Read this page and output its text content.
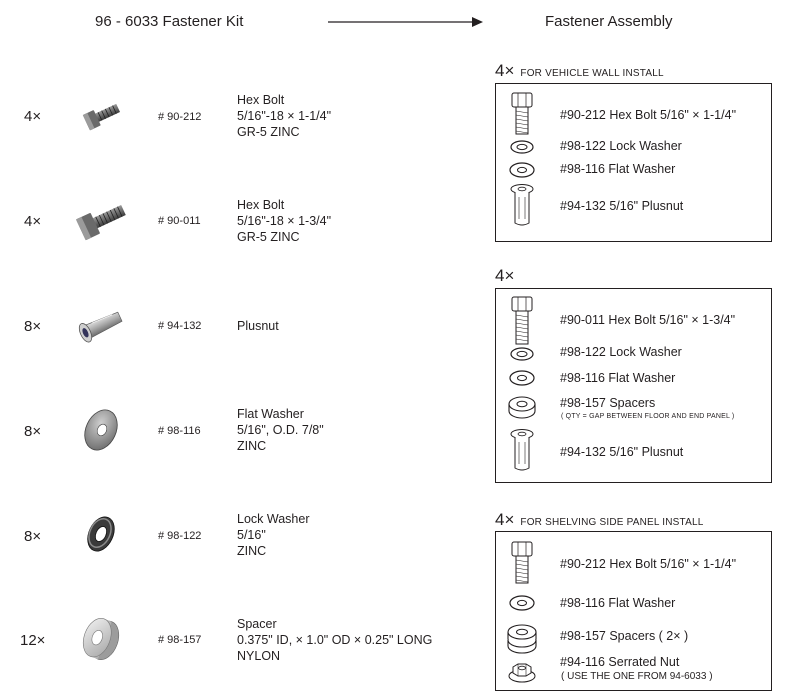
96 - 6033 Fastener Kit	Fastener Assembly
4×	# 90-212
Hex Bolt
5/16"-18 × 1-1/4"
GR-5 ZINC
4×	# 90-011
Hex Bolt
5/16"-18 × 1-3/4"
GR-5 ZINC
8×	# 94-132	Plusnut
8×	# 98-116
Flat Washer
5/16", O.D. 7/8"
ZINC
8×	# 98-122
Lock Washer
5/16"
ZINC
12×	# 98-157
Spacer
0.375" ID, × 1.0" OD × 0.25" LONG
NYLON
4× FOR VEHICLE WALL INSTALL
#90-212 Hex Bolt 5/16" × 1-1/4"
#98-122 Lock Washer
#98-116 Flat Washer
#94-132 5/16" Plusnut
4×
#90-011 Hex Bolt 5/16" × 1-3/4"
#98-122 Lock Washer
#98-116 Flat Washer
#98-157 Spacers
( QTY = GAP BETWEEN FLOOR AND END PANEL )
#94-132 5/16" Plusnut
4× FOR SHELVING SIDE PANEL INSTALL
#90-212 Hex Bolt 5/16" × 1-1/4"
#98-116 Flat Washer
#98-157 Spacers ( 2× )
#94-116 Serrated Nut
( USE THE ONE FROM 94-6033 )
